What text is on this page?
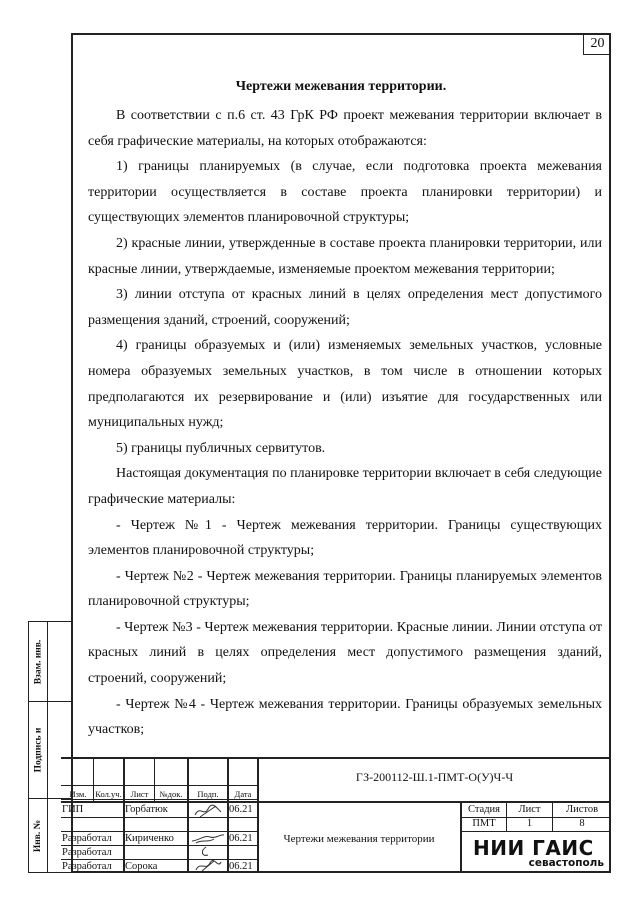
20
Чертежи межевания территории.

В соответствии с п.6 ст. 43 ГрК РФ проект межевания территории включает в себя графические материалы, на которых отображаются:

1) границы планируемых (в случае, если подготовка проекта межевания территории осуществляется в составе проекта планировки территории) и существующих элементов планировочной структуры;

2) красные линии, утвержденные в составе проекта планировки территории, или красные линии, утверждаемые, изменяемые проектом межевания территории;

3) линии отступа от красных линий в целях определения мест допустимого размещения зданий, строений, сооружений;

4) границы образуемых и (или) изменяемых земельных участков, условные номера образуемых земельных участков, в том числе в отношении которых предполагаются их резервирование и (или) изъятие для государственных или муниципальных нужд;

5) границы публичных сервитутов.

Настоящая документация по планировке территории включает в себя следующие графические материалы:

- Чертеж №1 - Чертеж межевания территории. Границы существующих элементов планировочной структуры;

- Чертеж №2 - Чертеж межевания территории. Границы планируемых элементов планировочной структуры;

- Чертеж №3 - Чертеж межевания территории. Красные линии. Линии отступа от красных линий в целях определения мест допустимого размещения зданий, строений, сооружений;

- Чертеж №4 - Чертеж межевания территории. Границы образуемых земельных участков;

Взам. инв.
Подпись и
Инв. №
Изм.	Кол.уч.	Лист	№док.	Подп.	Дата
ГИП	Горбатюк	06.21
Разработал Кириченко	06.21
Разработал
Разработал Сорока	06.21
ГЗ-200112-Ш.1-ПМТ-О(У)Ч-Ч
Чертежи межевания территории
Стадия	Лист	Листов
ПМТ	1	8
НИИ ГАИС
севастополь
